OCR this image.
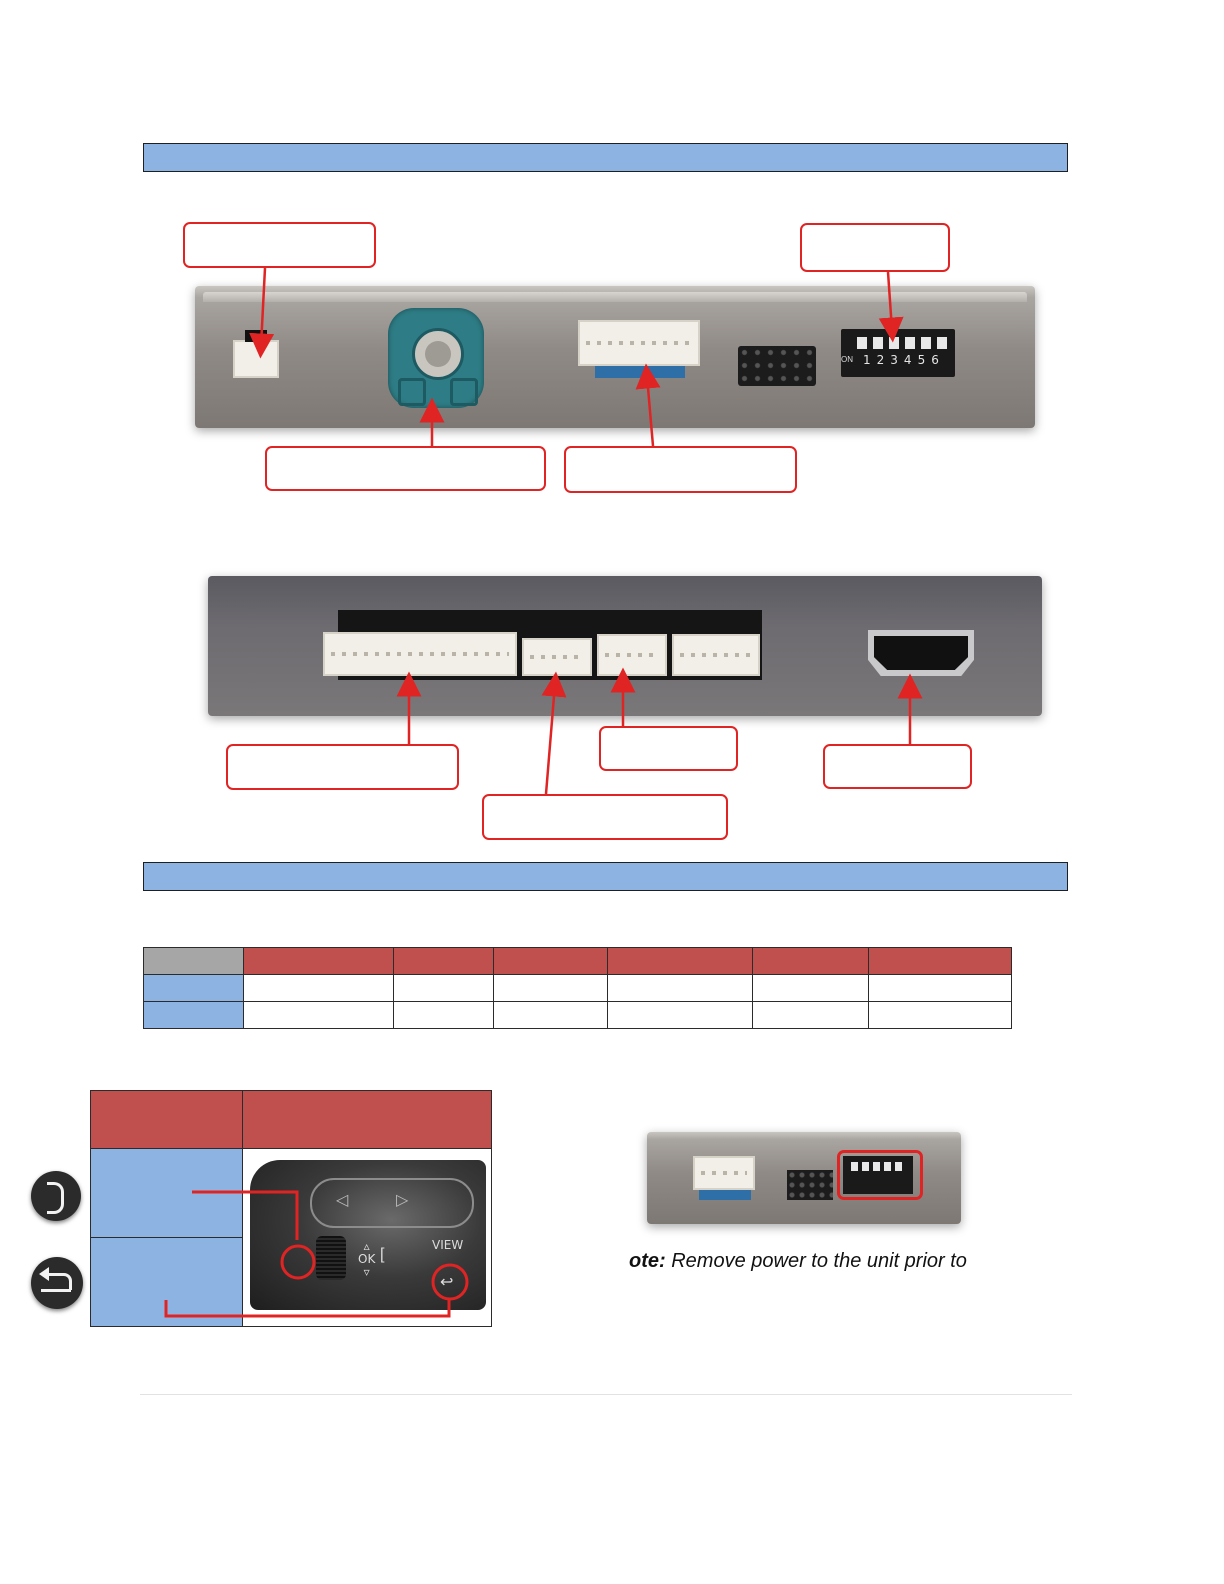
ON 123456

◁	▷
▵
OK
▿
[
VIEW
↩
ote: Remove power to the unit prior to
